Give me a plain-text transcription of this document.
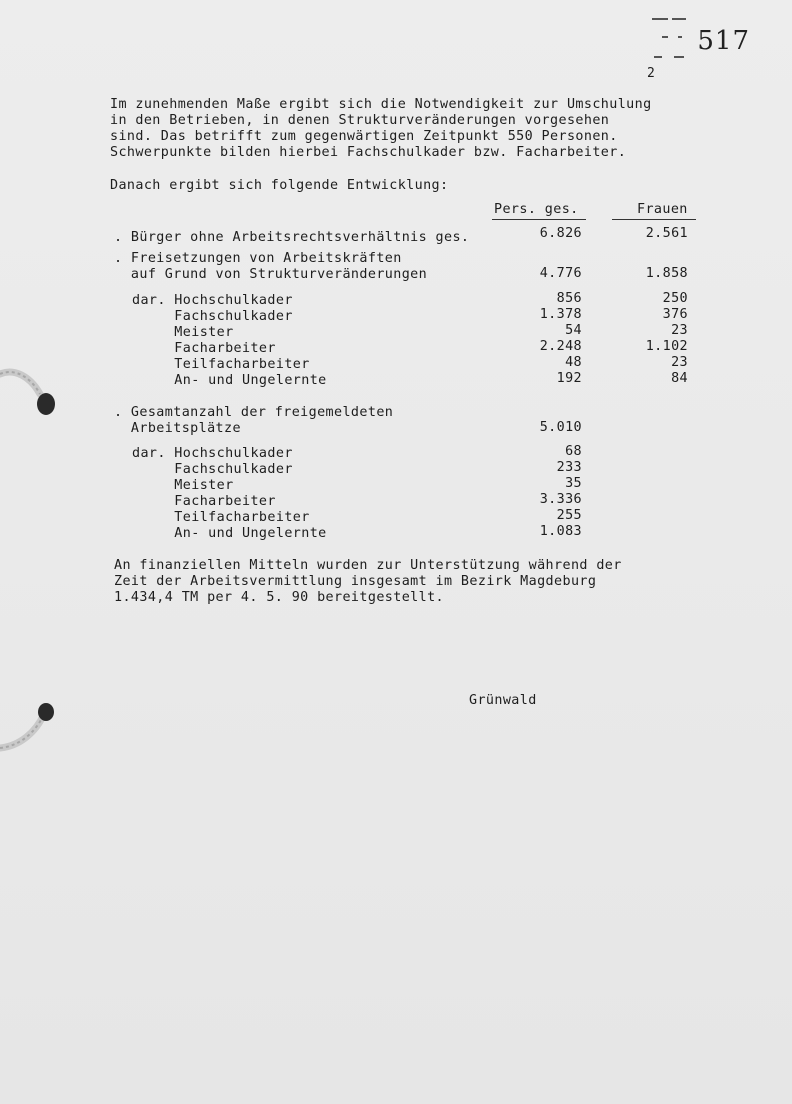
517
2
Im zunehmenden Maße ergibt sich die Notwendigkeit zur Umschulung
in den Betrieben, in denen Strukturveränderungen vorgesehen
sind. Das betrifft zum gegenwärtigen Zeitpunkt 550 Personen.
Schwerpunkte bilden hierbei Fachschulkader bzw. Facharbeiter.
Danach ergibt sich folgende Entwicklung:
Pers. ges.	Frauen
. Bürger ohne Arbeitsrechtsverhältnis ges.	6.826	2.561
. Freisetzungen von Arbeitskräften
auf Grund von Strukturveränderungen	4.776	1.858
dar. Hochschulkader	856	250
Fachschulkader	1.378	376
Meister	54	23
Facharbeiter	2.248	1.102
Teilfacharbeiter	48	23
An- und Ungelernte	192	84
. Gesamtanzahl der freigemeldeten
Arbeitsplätze	5.010
dar. Hochschulkader	68
Fachschulkader	233
Meister	35
Facharbeiter	3.336
Teilfacharbeiter	255
An- und Ungelernte	1.083
An finanziellen Mitteln wurden zur Unterstützung während der
Zeit der Arbeitsvermittlung insgesamt im Bezirk Magdeburg
1.434,4 TM per 4. 5. 90 bereitgestellt.
Grünwald
